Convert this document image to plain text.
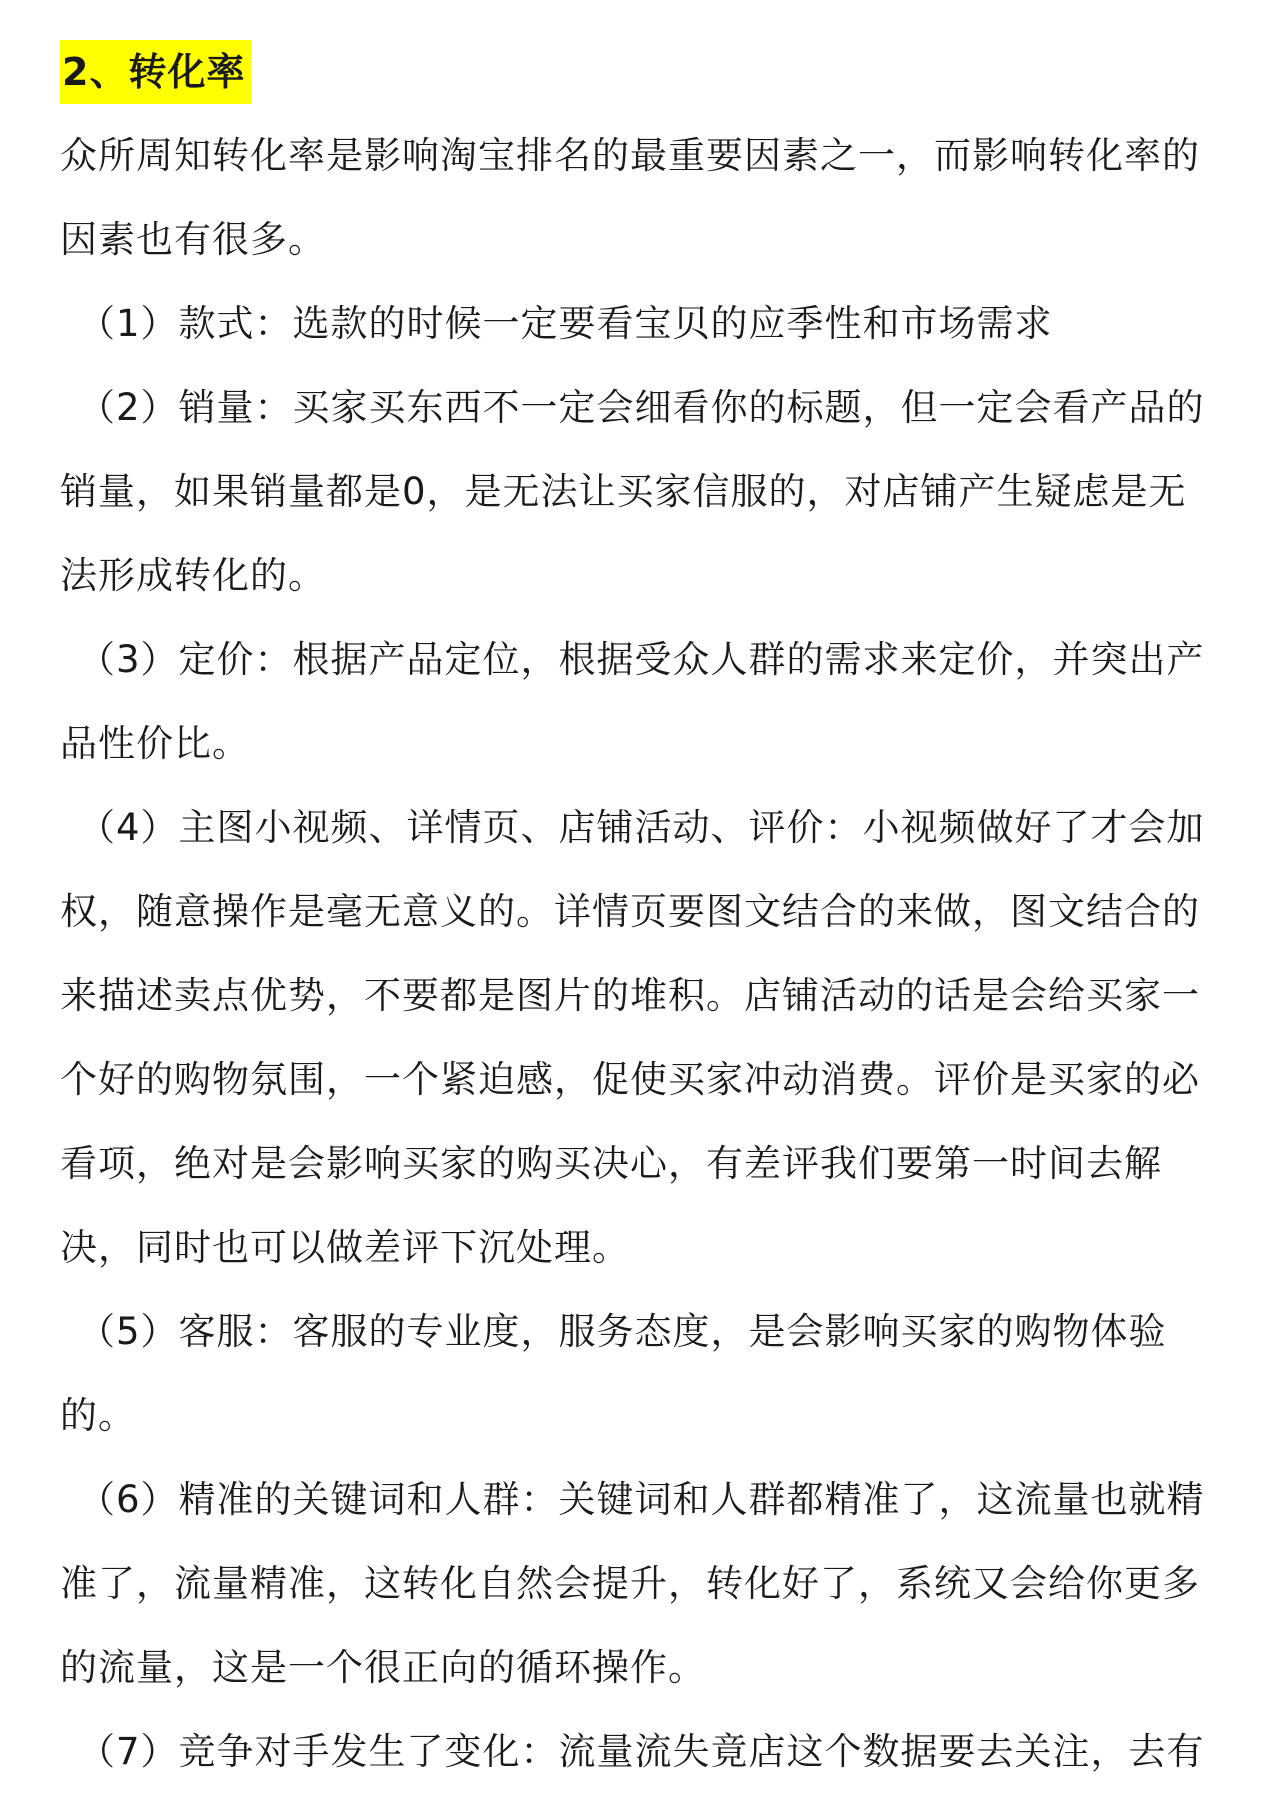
2、转化率

众所周知转化率是影响淘宝排名的最重要因素之一，而影响转化率的因素也有很多。

（1）款式：选款的时候一定要看宝贝的应季性和市场需求

（2）销量：买家买东西不一定会细看你的标题，但一定会看产品的销量，如果销量都是0，是无法让买家信服的，对店铺产生疑虑是无法形成转化的。

（3）定价：根据产品定位，根据受众人群的需求来定价，并突出产品性价比。

（4）主图小视频、详情页、店铺活动、评价：小视频做好了才会加权，随意操作是毫无意义的。详情页要图文结合的来做，图文结合的来描述卖点优势，不要都是图片的堆积。店铺活动的话是会给买家一个好的购物氛围，一个紧迫感，促使买家冲动消费。评价是买家的必看项，绝对是会影响买家的购买决心，有差评我们要第一时间去解决，同时也可以做差评下沉处理。

（5）客服：客服的专业度，服务态度，是会影响买家的购物体验的。

（6）精准的关键词和人群：关键词和人群都精准了，这流量也就精准了，流量精准，这转化自然会提升，转化好了，系统又会给你更多的流量，这是一个很正向的循环操作。

（7）竞争对手发生了变化：流量流失竟店这个数据要去关注，去有
